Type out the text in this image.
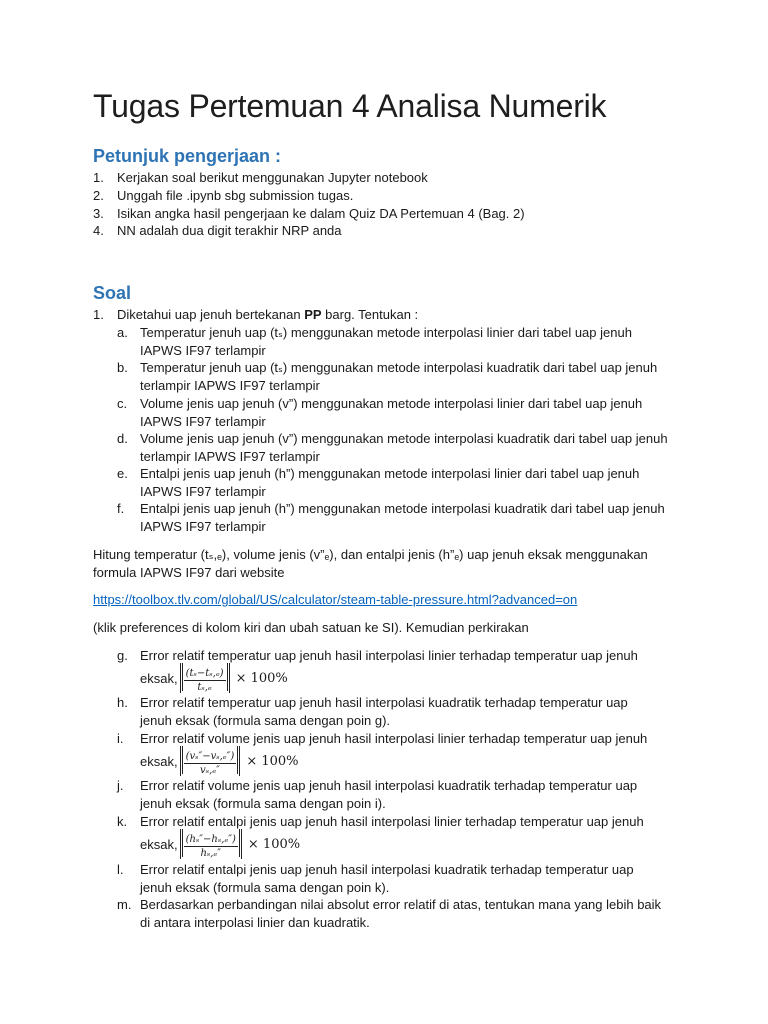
Tugas Pertemuan 4 Analisa Numerik
Petunjuk pengerjaan :
1. Kerjakan soal berikut menggunakan Jupyter notebook
2. Unggah file .ipynb sbg submission tugas.
3. Isikan angka hasil pengerjaan ke dalam Quiz DA Pertemuan 4 (Bag. 2)
4. NN adalah dua digit terakhir NRP anda
Soal
1. Diketahui uap jenuh bertekanan PP barg. Tentukan :
a. Temperatur jenuh uap (tₛ) menggunakan metode interpolasi linier dari tabel uap jenuh
IAPWS IF97 terlampir
b. Temperatur jenuh uap (tₛ) menggunakan metode interpolasi kuadratik dari tabel uap jenuh
terlampir IAPWS IF97 terlampir
c. Volume jenis uap jenuh (v”) menggunakan metode interpolasi linier dari tabel uap jenuh
IAPWS IF97 terlampir
d. Volume jenis uap jenuh (v”) menggunakan metode interpolasi kuadratik dari tabel uap jenuh
terlampir IAPWS IF97 terlampir
e. Entalpi jenis uap jenuh (h”) menggunakan metode interpolasi linier dari tabel uap jenuh
IAPWS IF97 terlampir
f. Entalpi jenis uap jenuh (h”) menggunakan metode interpolasi kuadratik dari tabel uap jenuh
IAPWS IF97 terlampir
Hitung temperatur (tₛ,ₑ), volume jenis (v”ₑ), dan entalpi jenis (h”ₑ) uap jenuh eksak menggunakan
formula IAPWS IF97 dari website
https://toolbox.tlv.com/global/US/calculator/steam-table-pressure.html?advanced=on
(klik preferences di kolom kiri dan ubah satuan ke SI). Kemudian perkirakan
g. Error relatif temperatur uap jenuh hasil interpolasi linier terhadap temperatur uap jenuh
eksak, $\frac{\text{(tₛ−tₛ,ₑ)}}{\text{tₛ,ₑ}} \times 100\%$
h. Error relatif temperatur uap jenuh hasil interpolasi kuadratik terhadap temperatur uap
jenuh eksak (formula sama dengan poin g).
i. Error relatif volume jenis uap jenuh hasil interpolasi linier terhadap temperatur uap jenuh
eksak, $\frac{\text{(vₛ″−vₛ,ₑ″)}}{\text{vₛ,ₑ″}} \times 100\%$
j. Error relatif volume jenis uap jenuh hasil interpolasi kuadratik terhadap temperatur uap
jenuh eksak (formula sama dengan poin i).
k. Error relatif entalpi jenis uap jenuh hasil interpolasi linier terhadap temperatur uap jenuh
eksak, $\frac{\text{(hₛ″−hₛ,ₑ″)}}{\text{hₛ,ₑ″}} \times 100\%$
l. Error relatif entalpi jenis uap jenuh hasil interpolasi kuadratik terhadap temperatur uap
jenuh eksak (formula sama dengan poin k).
m. Berdasarkan perbandingan nilai absolut error relatif di atas, tentukan mana yang lebih baik
di antara interpolasi linier dan kuadratik.
